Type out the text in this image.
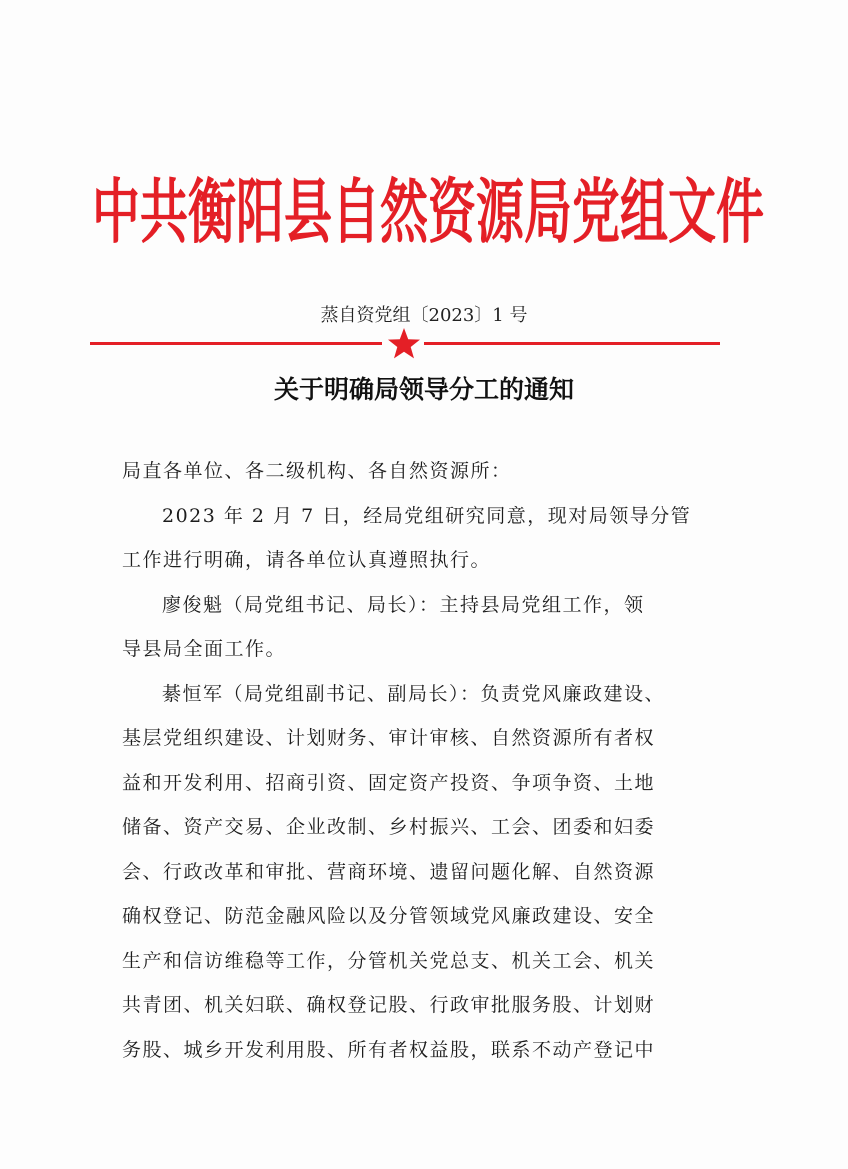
中共衡阳县自然资源局党组文件
蒸自资党组〔2023〕1 号
关于明确局领导分工的通知
局直各单位、各二级机构、各自然资源所：
2023 年 2 月 7 日，经局党组研究同意，现对局领导分管
工作进行明确，请各单位认真遵照执行。
廖俊魁（局党组书记、局长）：主持县局党组工作，领
导县局全面工作。
綦恒军（局党组副书记、副局长）：负责党风廉政建设、
基层党组织建设、计划财务、审计审核、自然资源所有者权
益和开发利用、招商引资、固定资产投资、争项争资、土地
储备、资产交易、企业改制、乡村振兴、工会、团委和妇委
会、行政改革和审批、营商环境、遗留问题化解、自然资源
确权登记、防范金融风险以及分管领域党风廉政建设、安全
生产和信访维稳等工作，分管机关党总支、机关工会、机关
共青团、机关妇联、确权登记股、行政审批服务股、计划财
务股、城乡开发利用股、所有者权益股，联系不动产登记中
